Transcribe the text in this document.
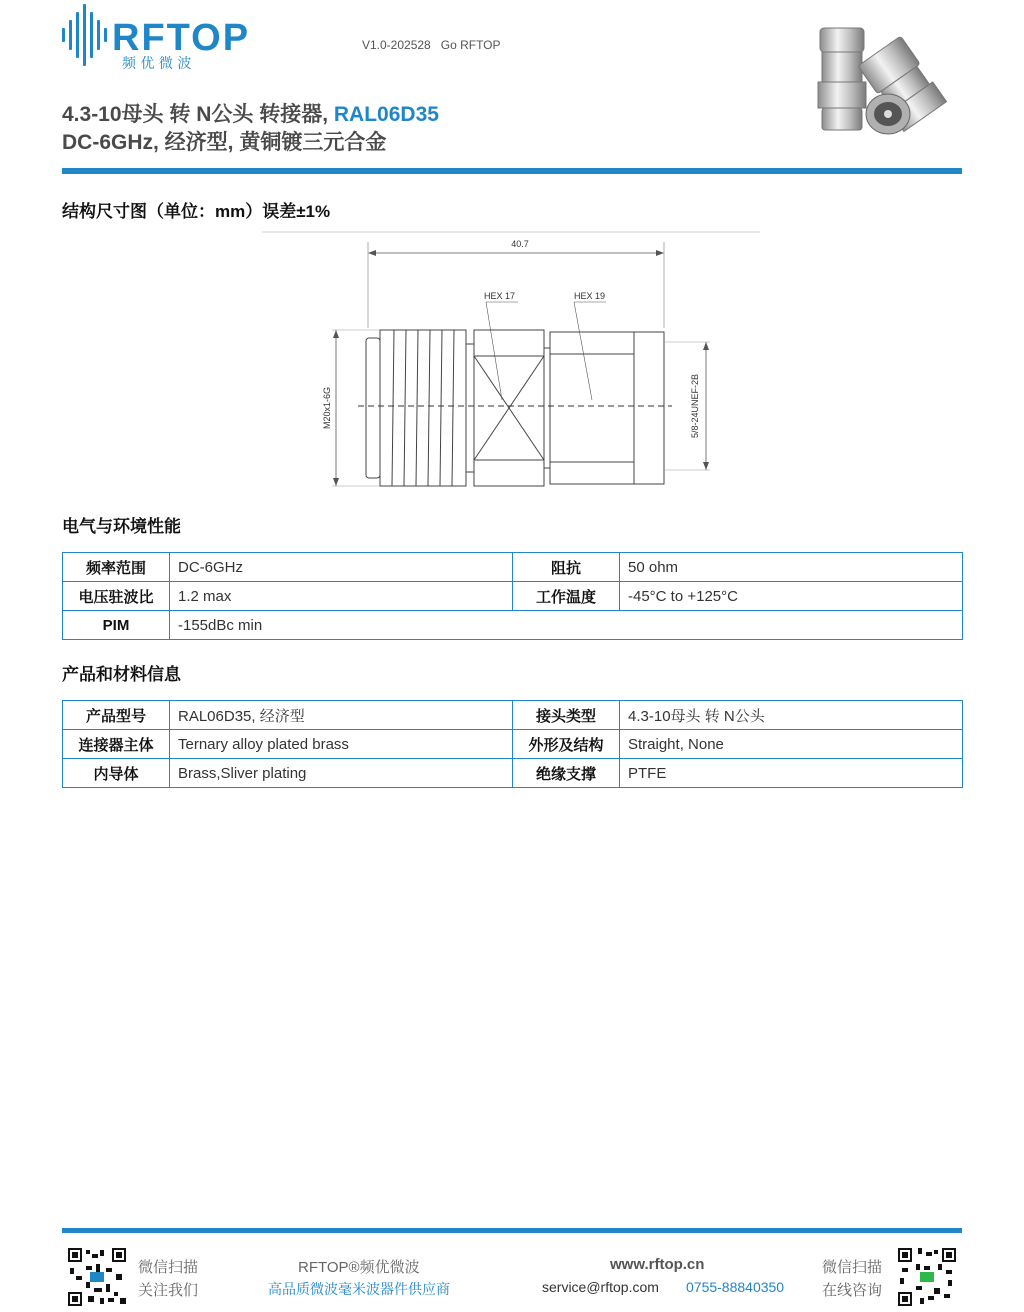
RFTOP
频 优 微 波
V1.0-202528 Go RFTOP
4.3-10母头 转 N公头 转接器, RAL06D35
DC-6GHz, 经济型, 黄铜镀三元合金
结构尺寸图（单位：mm）误差±1%
40.7
HEX 17	HEX 19
M20x1-6G	5/8-24UNEF-2B
电气与环境性能
频率范围	DC-6GHz	阻抗	50 ohm
电压驻波比	1.2 max	工作温度	-45°C to +125°C
PIM	-155dBc min		
产品和材料信息
产品型号	RAL06D35, 经济型	接头类型	4.3-10母头 转 N公头
连接器主体	Ternary alloy plated brass	外形及结构	Straight, None
内导体	Brass,Sliver plating	绝缘支撑	PTFE
微信扫描
关注我们
RFTOP®频优微波
高品质微波毫米波器件供应商
www.rftop.cn
service@rftop.com 0755-88840350
微信扫描
在线咨询
